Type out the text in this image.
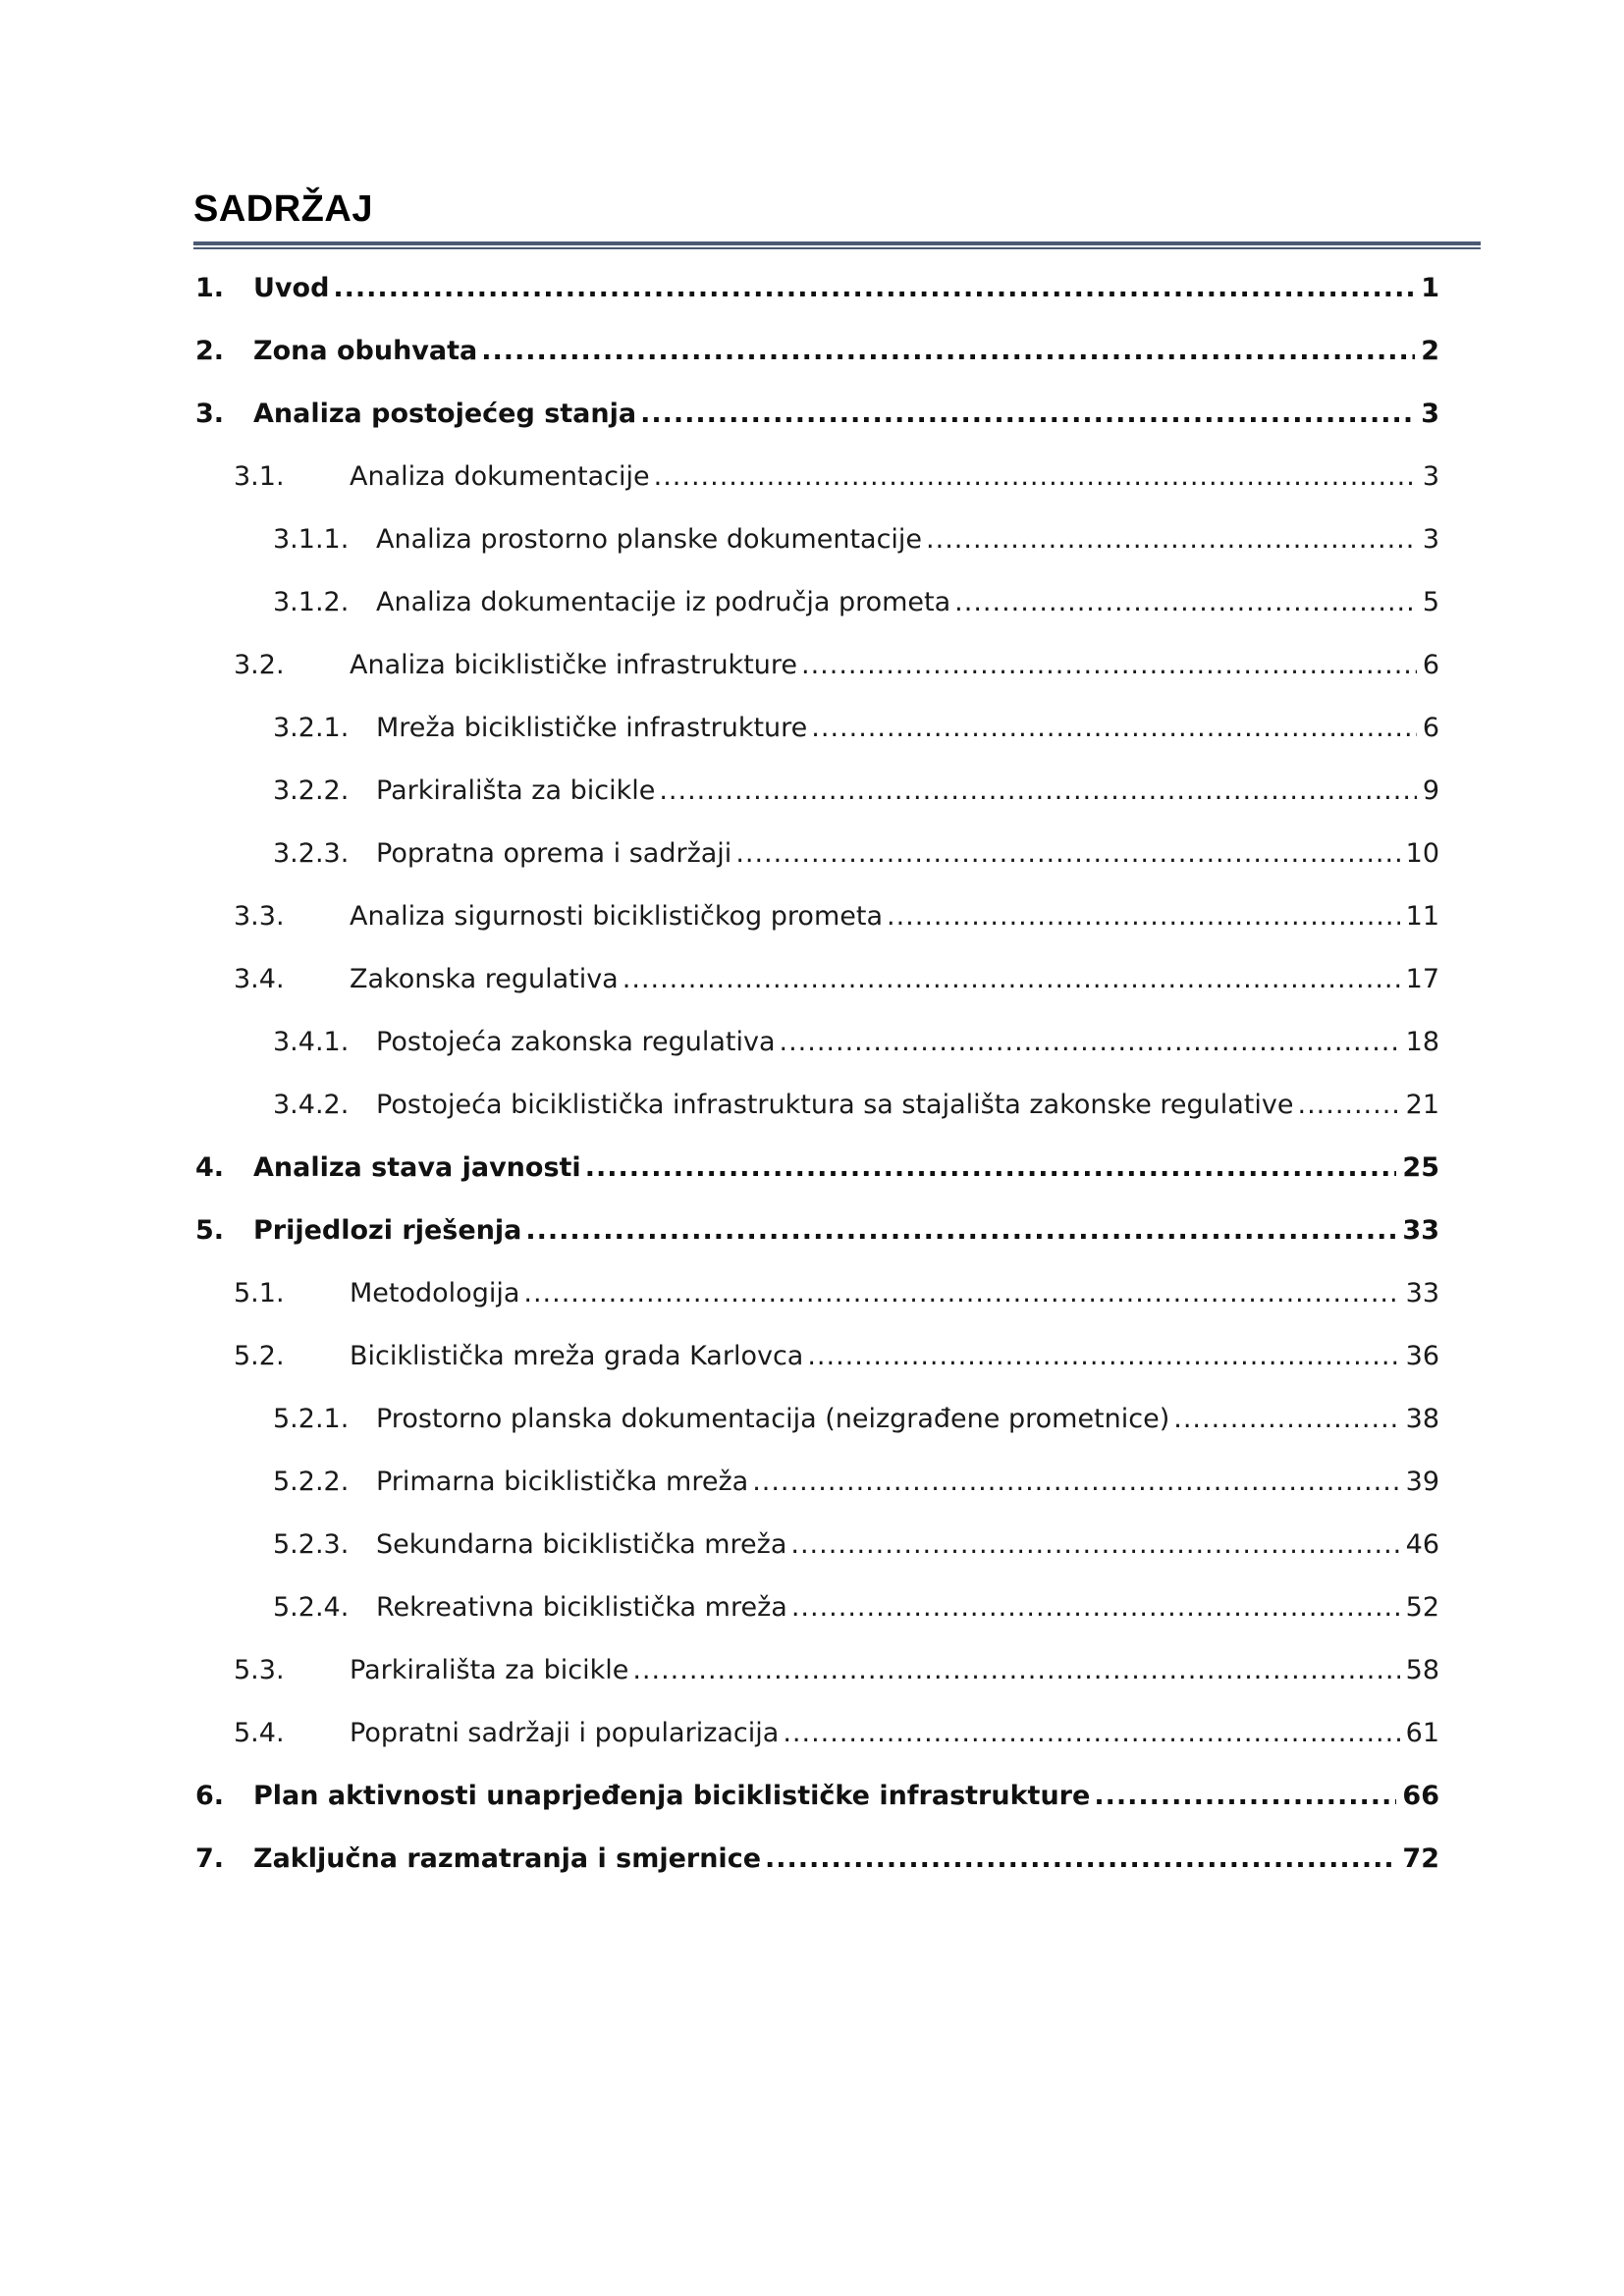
SADRŽAJ
1. Uvod .....	1
2. Zona obuhvata .....	2
3. Analiza postojećeg stanja .....	3
3.1. Analiza dokumentacije .....	3
3.1.1. Analiza prostorno planske dokumentacije .....	3
3.1.2. Analiza dokumentacije iz područja prometa .....	5
3.2. Analiza biciklističke infrastrukture .....	6
3.2.1. Mreža biciklističke infrastrukture .....	6
3.2.2. Parkirališta za bicikle .....	9
3.2.3. Popratna oprema i sadržaji .....	10
3.3. Analiza sigurnosti biciklističkog prometa .....	11
3.4. Zakonska regulativa .....	17
3.4.1. Postojeća zakonska regulativa .....	18
3.4.2. Postojeća biciklistička infrastruktura sa stajališta zakonske regulative .....	21
4. Analiza stava javnosti .....	25
5. Prijedlozi rješenja .....	33
5.1. Metodologija .....	33
5.2. Biciklistička mreža grada Karlovca .....	36
5.2.1. Prostorno planska dokumentacija (neizgrađene prometnice) .....	38
5.2.2. Primarna biciklistička mreža .....	39
5.2.3. Sekundarna biciklistička mreža .....	46
5.2.4. Rekreativna biciklistička mreža .....	52
5.3. Parkirališta za bicikle .....	58
5.4. Popratni sadržaji i popularizacija .....	61
6. Plan aktivnosti unaprjeđenja biciklističke infrastrukture .....	66
7. Zaključna razmatranja i smjernice .....	72
